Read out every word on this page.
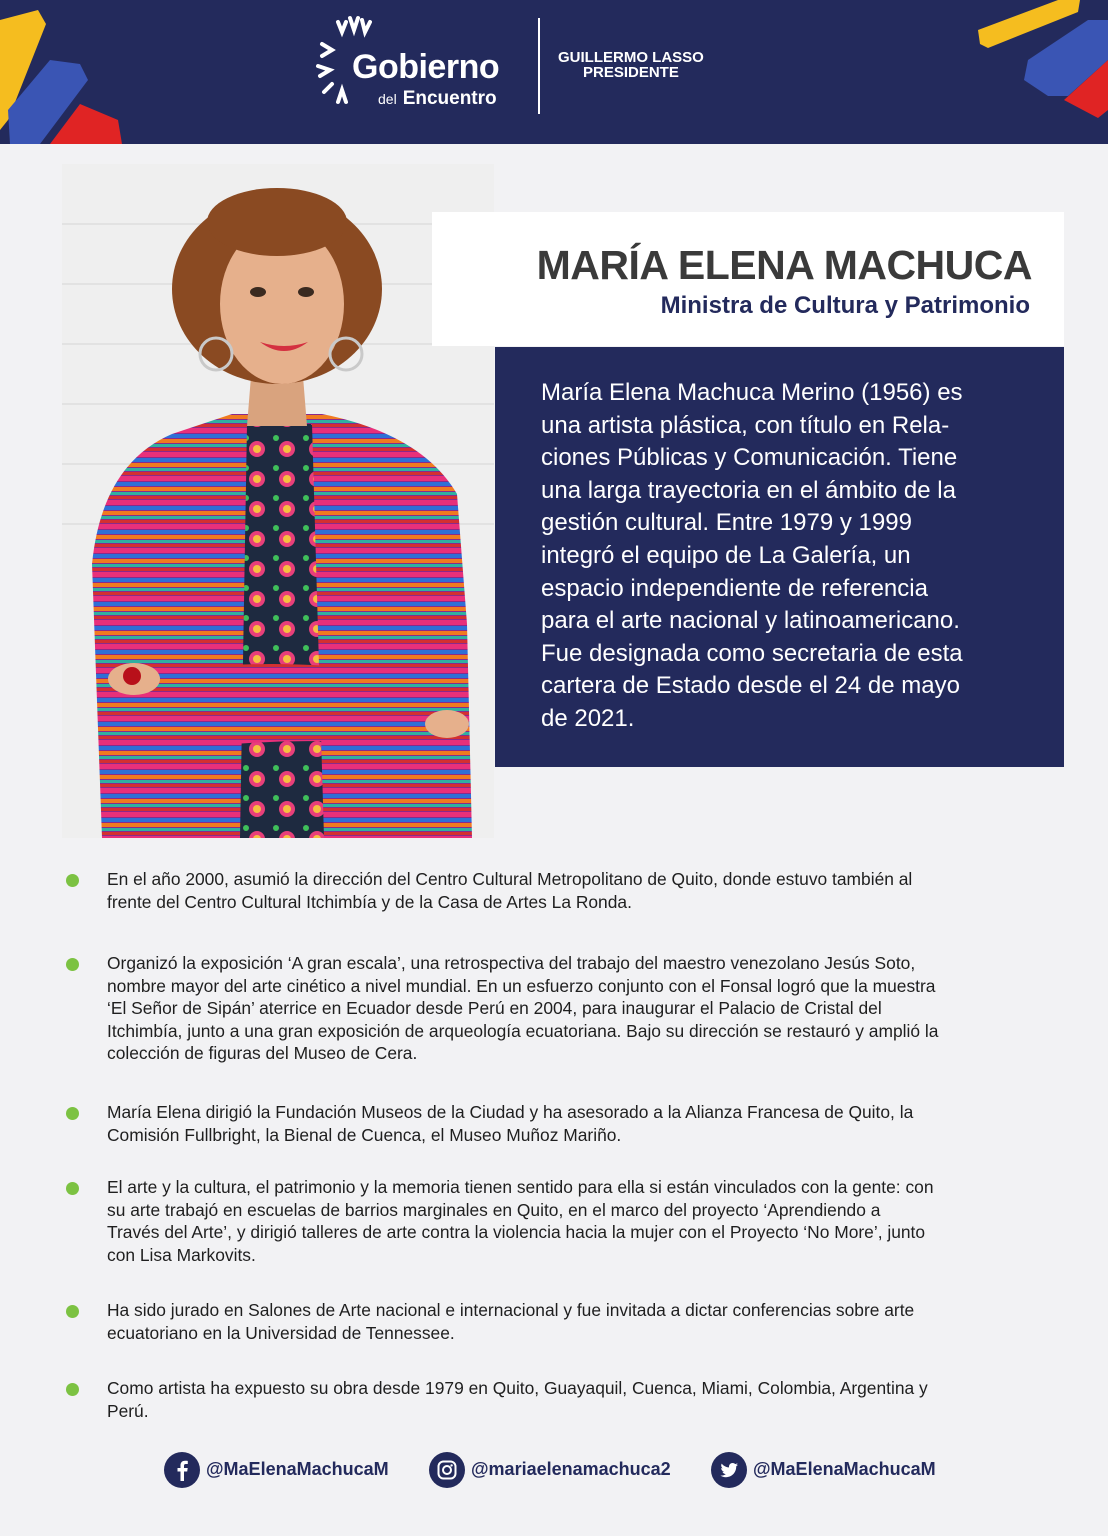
Gobierno
del Encuentro
GUILLERMO LASSO
PRESIDENTE
MARÍA ELENA MACHUCA
Ministra de Cultura y Patrimonio
María Elena Machuca Merino (1956) es
una artista plástica, con título en Rela-
ciones Públicas y Comunicación. Tiene
una larga trayectoria en el ámbito de la
gestión cultural. Entre 1979 y 1999
integró el equipo de La Galería, un
espacio independiente de referencia
para el arte nacional y latinoamericano.
Fue designada como secretaria de esta
cartera de Estado desde el 24 de mayo
de 2021.
En el año 2000, asumió la dirección del Centro Cultural Metropolitano de Quito, donde estuvo también al
frente del Centro Cultural Itchimbía y de la Casa de Artes La Ronda.
Organizó la exposición ‘A gran escala’, una retrospectiva del trabajo del maestro venezolano Jesús Soto,
nombre mayor del arte cinético a nivel mundial. En un esfuerzo conjunto con el Fonsal logró que la muestra
‘El Señor de Sipán’ aterrice en Ecuador desde Perú en 2004, para inaugurar el Palacio de Cristal del
Itchimbía, junto a una gran exposición de arqueología ecuatoriana. Bajo su dirección se restauró y amplió la
colección de figuras del Museo de Cera.
María Elena dirigió la Fundación Museos de la Ciudad y ha asesorado a la Alianza Francesa de Quito, la
Comisión Fullbright, la Bienal de Cuenca, el Museo Muñoz Mariño.
El arte y la cultura, el patrimonio y la memoria tienen sentido para ella si están vinculados con la gente: con
su arte trabajó en escuelas de barrios marginales en Quito, en el marco del proyecto ‘Aprendiendo a
Través del Arte’, y dirigió talleres de arte contra la violencia hacia la mujer con el Proyecto ‘No More’, junto
con Lisa Markovits.
Ha sido jurado en Salones de Arte nacional e internacional y fue invitada a dictar conferencias sobre arte
ecuatoriano en la Universidad de Tennessee.
Como artista ha expuesto su obra desde 1979 en Quito, Guayaquil, Cuenca, Miami, Colombia, Argentina y
Perú.
@MaElenaMachucaM	@mariaelenamachuca2	@MaElenaMachucaM
